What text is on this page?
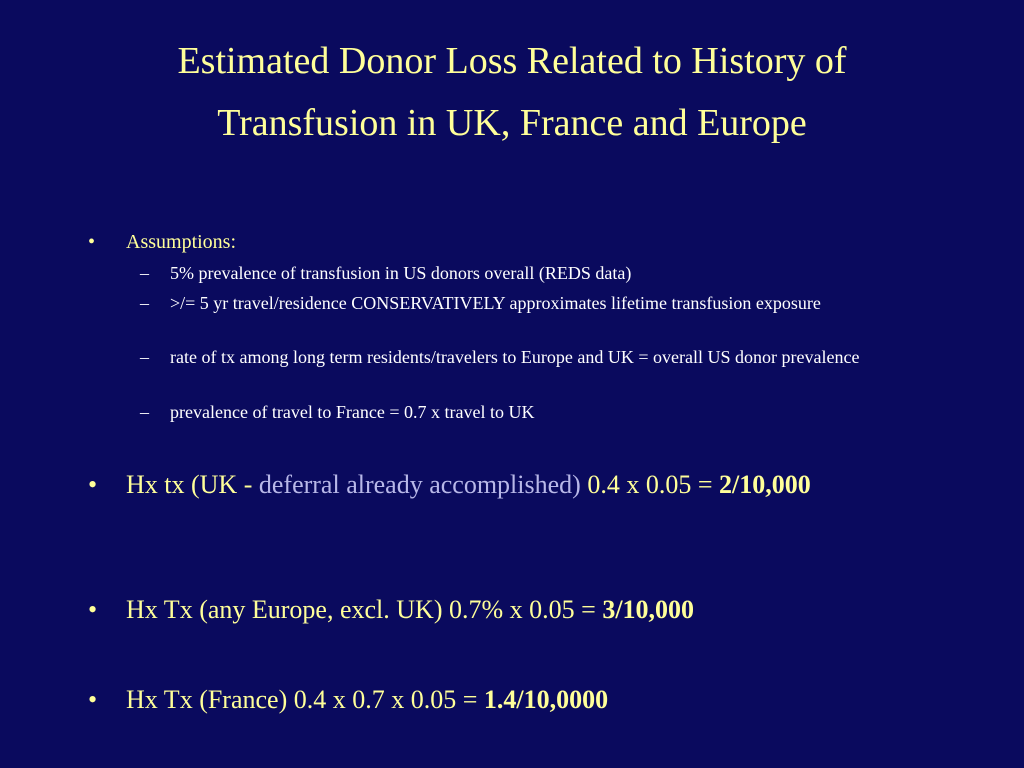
Estimated Donor Loss Related to History of
Transfusion in UK, France and Europe
• Assumptions:
– 5% prevalence of transfusion in US donors overall (REDS data)
– >/= 5 yr travel/residence CONSERVATIVELY approximates lifetime transfusion exposure
– rate of tx among long term residents/travelers to Europe and UK = overall US donor prevalence
– prevalence of travel to France = 0.7 x travel to UK
• Hx tx (UK - deferral already accomplished) 0.4 x 0.05 = 2/10,000
• Hx Tx (any Europe, excl. UK) 0.7% x 0.05 = 3/10,000
• Hx Tx (France) 0.4 x 0.7 x 0.05 = 1.4/10,0000
